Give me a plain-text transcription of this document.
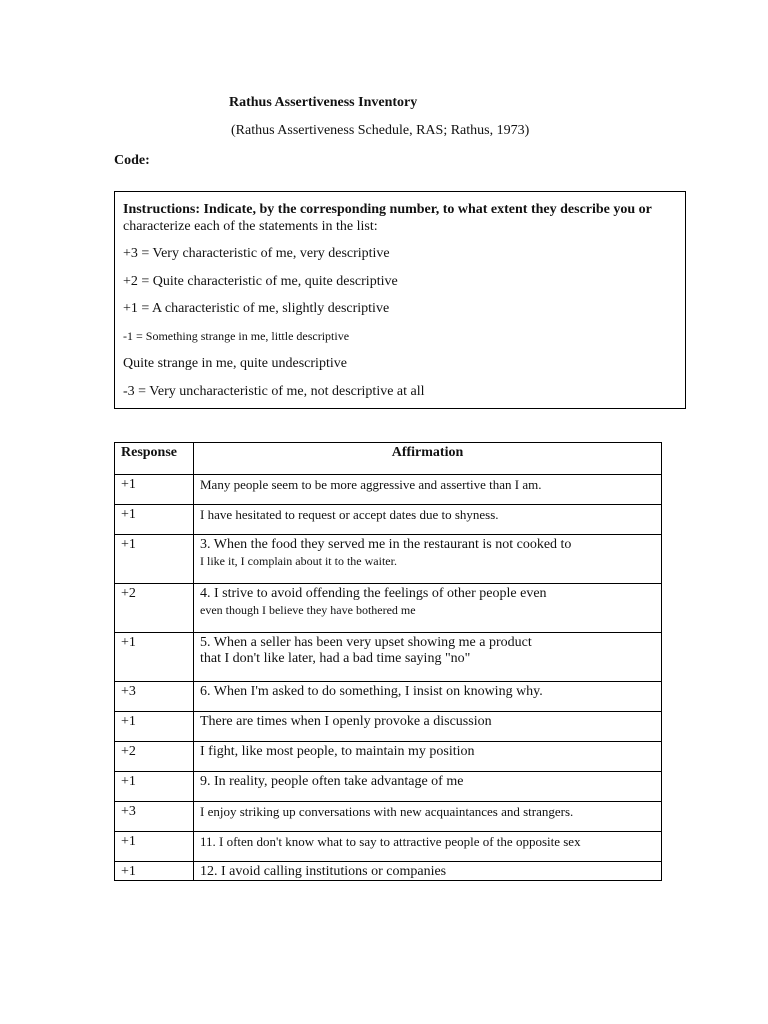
Rathus Assertiveness Inventory
(Rathus Assertiveness Schedule, RAS; Rathus, 1973)
Code:
Instructions: Indicate, by the corresponding number, to what extent they describe you or
characterize each of the statements in the list:
+3 = Very characteristic of me, very descriptive
+2 = Quite characteristic of me, quite descriptive
+1 = A characteristic of me, slightly descriptive
-1 = Something strange in me, little descriptive
Quite strange in me, quite undescriptive
-3 = Very uncharacteristic of me, not descriptive at all
Response	Affirmation
+1	Many people seem to be more aggressive and assertive than I am.

+1	I have hesitated to request or accept dates due to shyness.

+1	3. When the food they served me in the restaurant is not cooked to
I like it, I complain about it to the waiter.

+2	4. I strive to avoid offending the feelings of other people even
even though I believe they have bothered me

+1	5. When a seller has been very upset showing me a product
that I don't like later, had a bad time saying "no"

+3	6. When I'm asked to do something, I insist on knowing why.

+1	There are times when I openly provoke a discussion

+2	I fight, like most people, to maintain my position

+1	9. In reality, people often take advantage of me

+3	I enjoy striking up conversations with new acquaintances and strangers.

+1	11. I often don't know what to say to attractive people of the opposite sex

+1	12. I avoid calling institutions or companies
